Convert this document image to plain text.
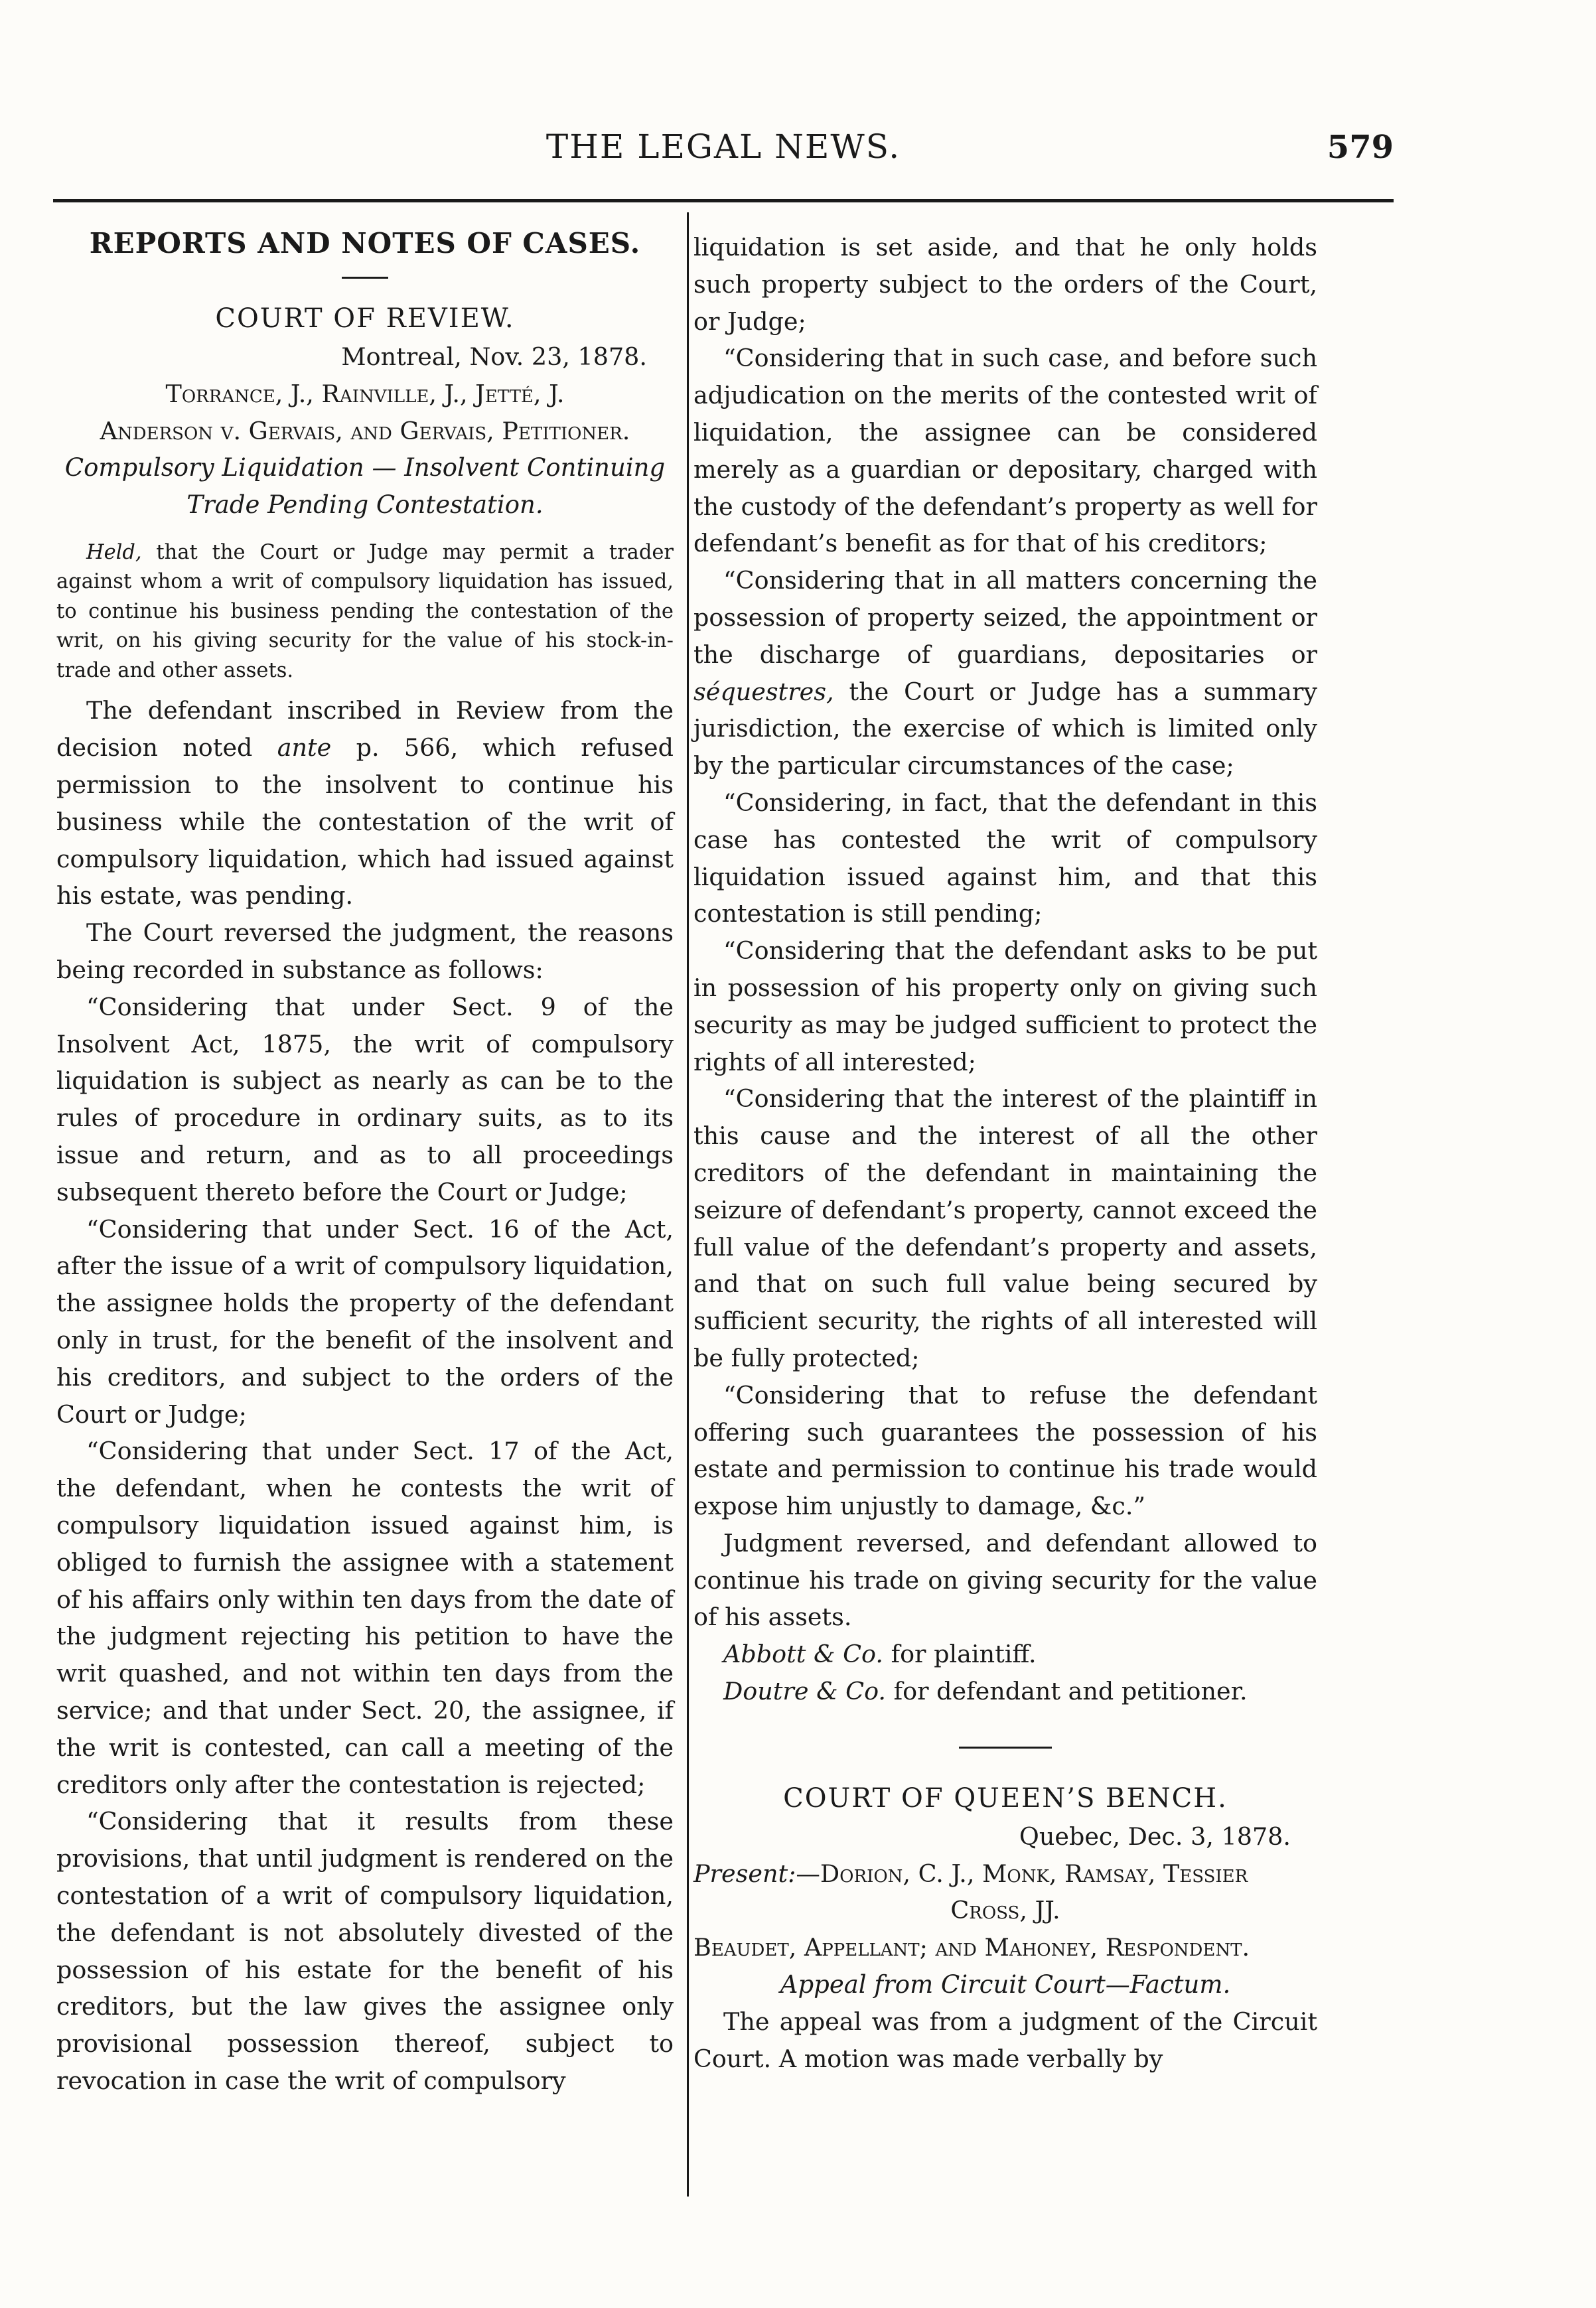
THE LEGAL NEWS.	579

REPORTS AND NOTES OF CASES.

COURT OF REVIEW.

Montreal, Nov. 23, 1878.

Torrance, J., Rainville, J., Jetté, J.

Anderson v. Gervais, and Gervais, Petitioner.

Compulsory Liquidation — Insolvent Continuing
Trade Pending Contestation.

Held, that the Court or Judge may permit a trader against whom a writ of compulsory liquidation has issued, to continue his business pending the contestation of the writ, on his giving security for the value of his stock-in-trade and other assets.

The defendant inscribed in Review from the decision noted ante p. 566, which refused permission to the insolvent to continue his business while the contestation of the writ of compulsory liquidation, which had issued against his estate, was pending.

The Court reversed the judgment, the reasons being recorded in substance as follows:

“Considering that under Sect. 9 of the Insolvent Act, 1875, the writ of compulsory liquidation is subject as nearly as can be to the rules of procedure in ordinary suits, as to its issue and return, and as to all proceedings subsequent thereto before the Court or Judge;

“Considering that under Sect. 16 of the Act, after the issue of a writ of compulsory liquidation, the assignee holds the property of the defendant only in trust, for the benefit of the insolvent and his creditors, and subject to the orders of the Court or Judge;

“Considering that under Sect. 17 of the Act, the defendant, when he contests the writ of compulsory liquidation issued against him, is obliged to furnish the assignee with a statement of his affairs only within ten days from the date of the judgment rejecting his petition to have the writ quashed, and not within ten days from the service; and that under Sect. 20, the assignee, if the writ is contested, can call a meeting of the creditors only after the contestation is rejected;

“Considering that it results from these provisions, that until judgment is rendered on the contestation of a writ of compulsory liquidation, the defendant is not absolutely divested of the possession of his estate for the benefit of his creditors, but the law gives the assignee only provisional possession thereof, subject to revocation in case the writ of compulsory

liquidation is set aside, and that he only holds such property subject to the orders of the Court, or Judge;

“Considering that in such case, and before such adjudication on the merits of the contested writ of liquidation, the assignee can be considered merely as a guardian or depositary, charged with the custody of the defendant’s property as well for defendant’s benefit as for that of his creditors;

“Considering that in all matters concerning the possession of property seized, the appointment or the discharge of guardians, depositaries or séquestres, the Court or Judge has a summary jurisdiction, the exercise of which is limited only by the particular circumstances of the case;

“Considering, in fact, that the defendant in this case has contested the writ of compulsory liquidation issued against him, and that this contestation is still pending;

“Considering that the defendant asks to be put in possession of his property only on giving such security as may be judged sufficient to protect the rights of all interested;

“Considering that the interest of the plaintiff in this cause and the interest of all the other creditors of the defendant in maintaining the seizure of defendant’s property, cannot exceed the full value of the defendant’s property and assets, and that on such full value being secured by sufficient security, the rights of all interested will be fully protected;

“Considering that to refuse the defendant offering such guarantees the possession of his estate and permission to continue his trade would expose him unjustly to damage, &c.”

Judgment reversed, and defendant allowed to continue his trade on giving security for the value of his assets.

Abbott & Co. for plaintiff.

Doutre & Co. for defendant and petitioner.

COURT OF QUEEN’S BENCH.

Quebec, Dec. 3, 1878.

Present:—Dorion, C. J., Monk, Ramsay, Tessier

Cross, JJ.

Beaudet, Appellant; and Mahoney, Respondent.

Appeal from Circuit Court—Factum.

The appeal was from a judgment of the Circuit Court. A motion was made verbally by
